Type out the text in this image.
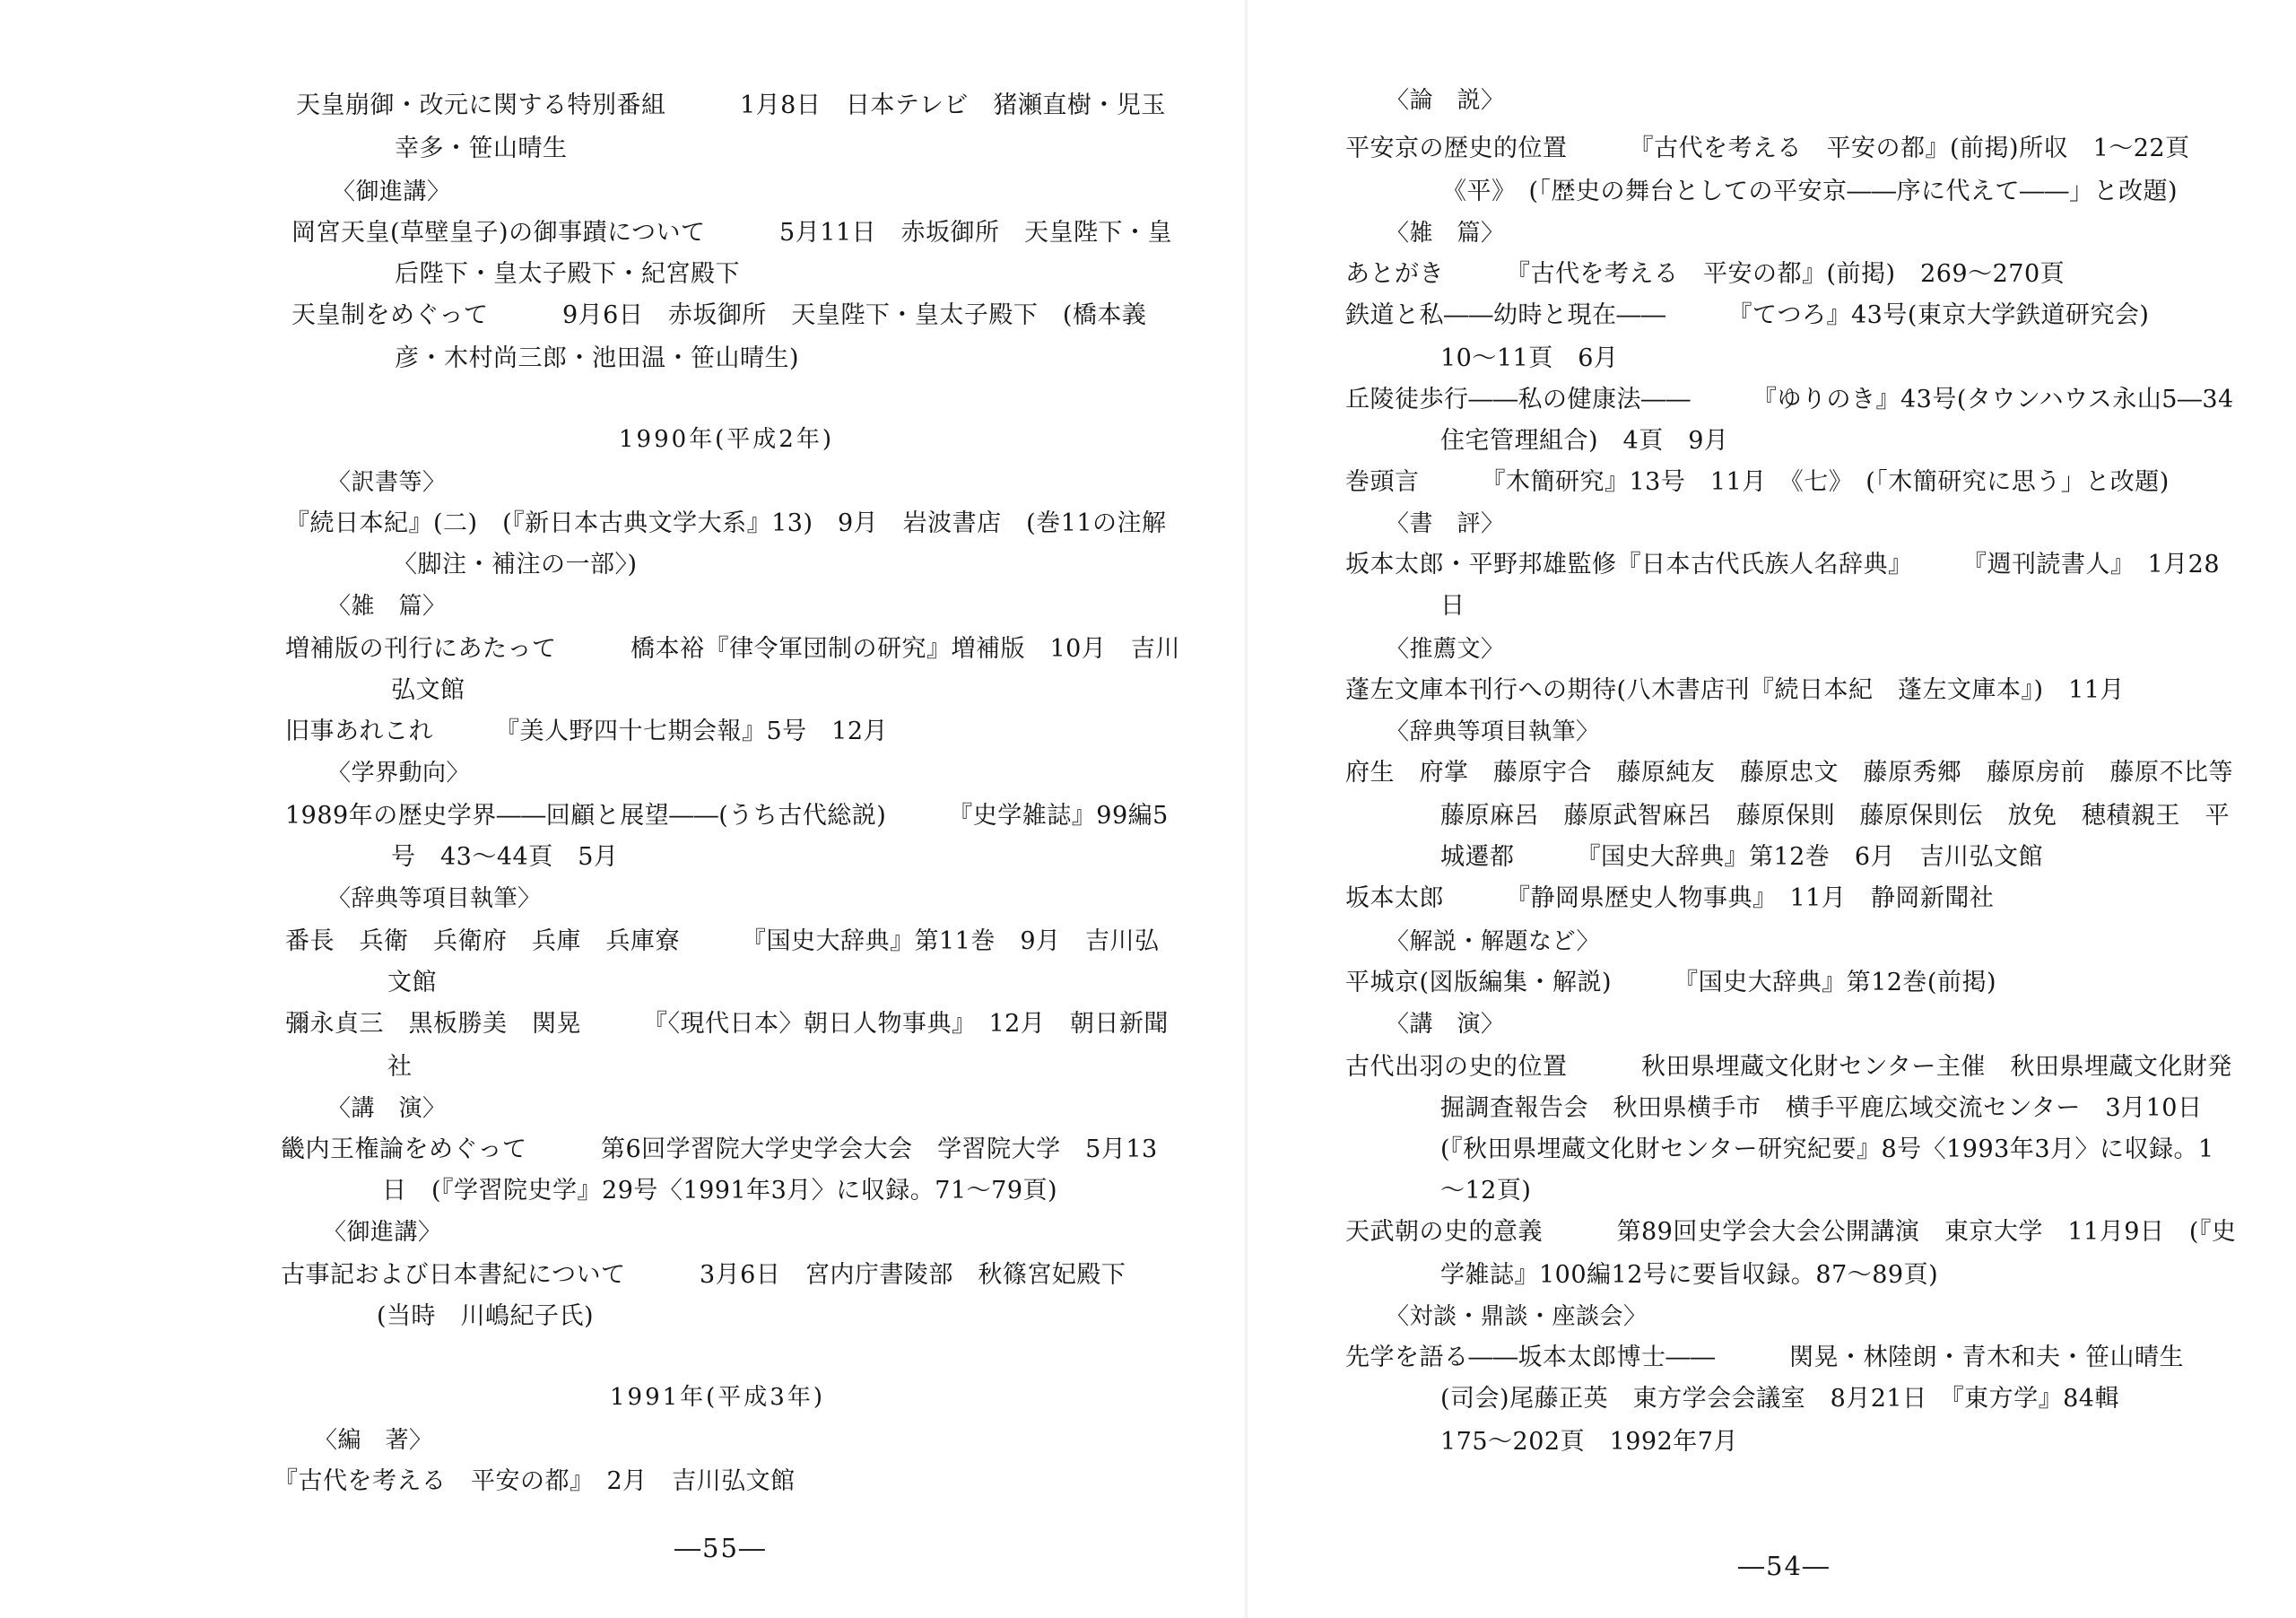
天皇崩御・改元に関する特別番組　　　1月8日　日本テレビ　猪瀬直樹・児玉
幸多・笹山晴生
〈御進講〉
岡宮天皇(草壁皇子)の御事蹟について　　　5月11日　赤坂御所　天皇陛下・皇
后陛下・皇太子殿下・紀宮殿下
天皇制をめぐって　　　9月6日　赤坂御所　天皇陛下・皇太子殿下　(橋本義
彦・木村尚三郎・池田温・笹山晴生)
1990年(平成2年)
〈訳書等〉
『続日本紀』(二)　(『新日本古典文学大系』13)　9月　岩波書店　(巻11の注解
〈脚注・補注の一部〉)
〈雑　篇〉
増補版の刊行にあたって　　　橋本裕『律令軍団制の研究』増補版　10月　吉川
弘文館
旧事あれこれ　　　『美人野四十七期会報』5号　12月
〈学界動向〉
1989年の歴史学界――回顧と展望――(うち古代総説)　　　『史学雑誌』99編5
号　43～44頁　5月
〈辞典等項目執筆〉
番長　兵衛　兵衛府　兵庫　兵庫寮　　　『国史大辞典』第11巻　9月　吉川弘
文館
彌永貞三　黒板勝美　関晃　　　『〈現代日本〉朝日人物事典』　12月　朝日新聞
社
〈講　演〉
畿内王権論をめぐって　　　第6回学習院大学史学会大会　学習院大学　5月13
日　(『学習院史学』29号〈1991年3月〉に収録。71～79頁)
〈御進講〉
古事記および日本書紀について　　　3月6日　宮内庁書陵部　秋篠宮妃殿下
(当時　川嶋紀子氏)
1991年(平成3年)
〈編　著〉
『古代を考える　平安の都』　2月　吉川弘文館
―55―
〈論　説〉
平安京の歴史的位置　　　『古代を考える　平安の都』(前掲)所収　1～22頁
《平》　(「歴史の舞台としての平安京――序に代えて――」と改題)
〈雑　篇〉
あとがき　　　『古代を考える　平安の都』(前掲)　269～270頁
鉄道と私――幼時と現在――　　　『てつろ』43号(東京大学鉄道研究会)
10～11頁　6月
丘陵徒歩行――私の健康法――　　　『ゆりのき』43号(タウンハウス永山5―34
住宅管理組合)　4頁　9月
巻頭言　　　『木簡研究』13号　11月　《七》　(「木簡研究に思う」と改題)
〈書　評〉
坂本太郎・平野邦雄監修『日本古代氏族人名辞典』　　　『週刊読書人』　1月28
日
〈推薦文〉
蓬左文庫本刊行への期待(八木書店刊『続日本紀　蓬左文庫本』)　11月
〈辞典等項目執筆〉
府生　府掌　藤原宇合　藤原純友　藤原忠文　藤原秀郷　藤原房前　藤原不比等
藤原麻呂　藤原武智麻呂　藤原保則　藤原保則伝　放免　穂積親王　平
城遷都　　　『国史大辞典』第12巻　6月　吉川弘文館
坂本太郎　　　『静岡県歴史人物事典』　11月　静岡新聞社
〈解説・解題など〉
平城京(図版編集・解説)　　　『国史大辞典』第12巻(前掲)
〈講　演〉
古代出羽の史的位置　　　秋田県埋蔵文化財センター主催　秋田県埋蔵文化財発
掘調査報告会　秋田県横手市　横手平鹿広域交流センター　3月10日
(『秋田県埋蔵文化財センター研究紀要』8号〈1993年3月〉に収録。1
～12頁)
天武朝の史的意義　　　第89回史学会大会公開講演　東京大学　11月9日　(『史
学雑誌』100編12号に要旨収録。87～89頁)
〈対談・鼎談・座談会〉
先学を語る――坂本太郎博士――　　　関晃・林陸朗・青木和夫・笹山晴生
(司会)尾藤正英　東方学会会議室　8月21日　『東方学』84輯
175～202頁　1992年7月
―54―
